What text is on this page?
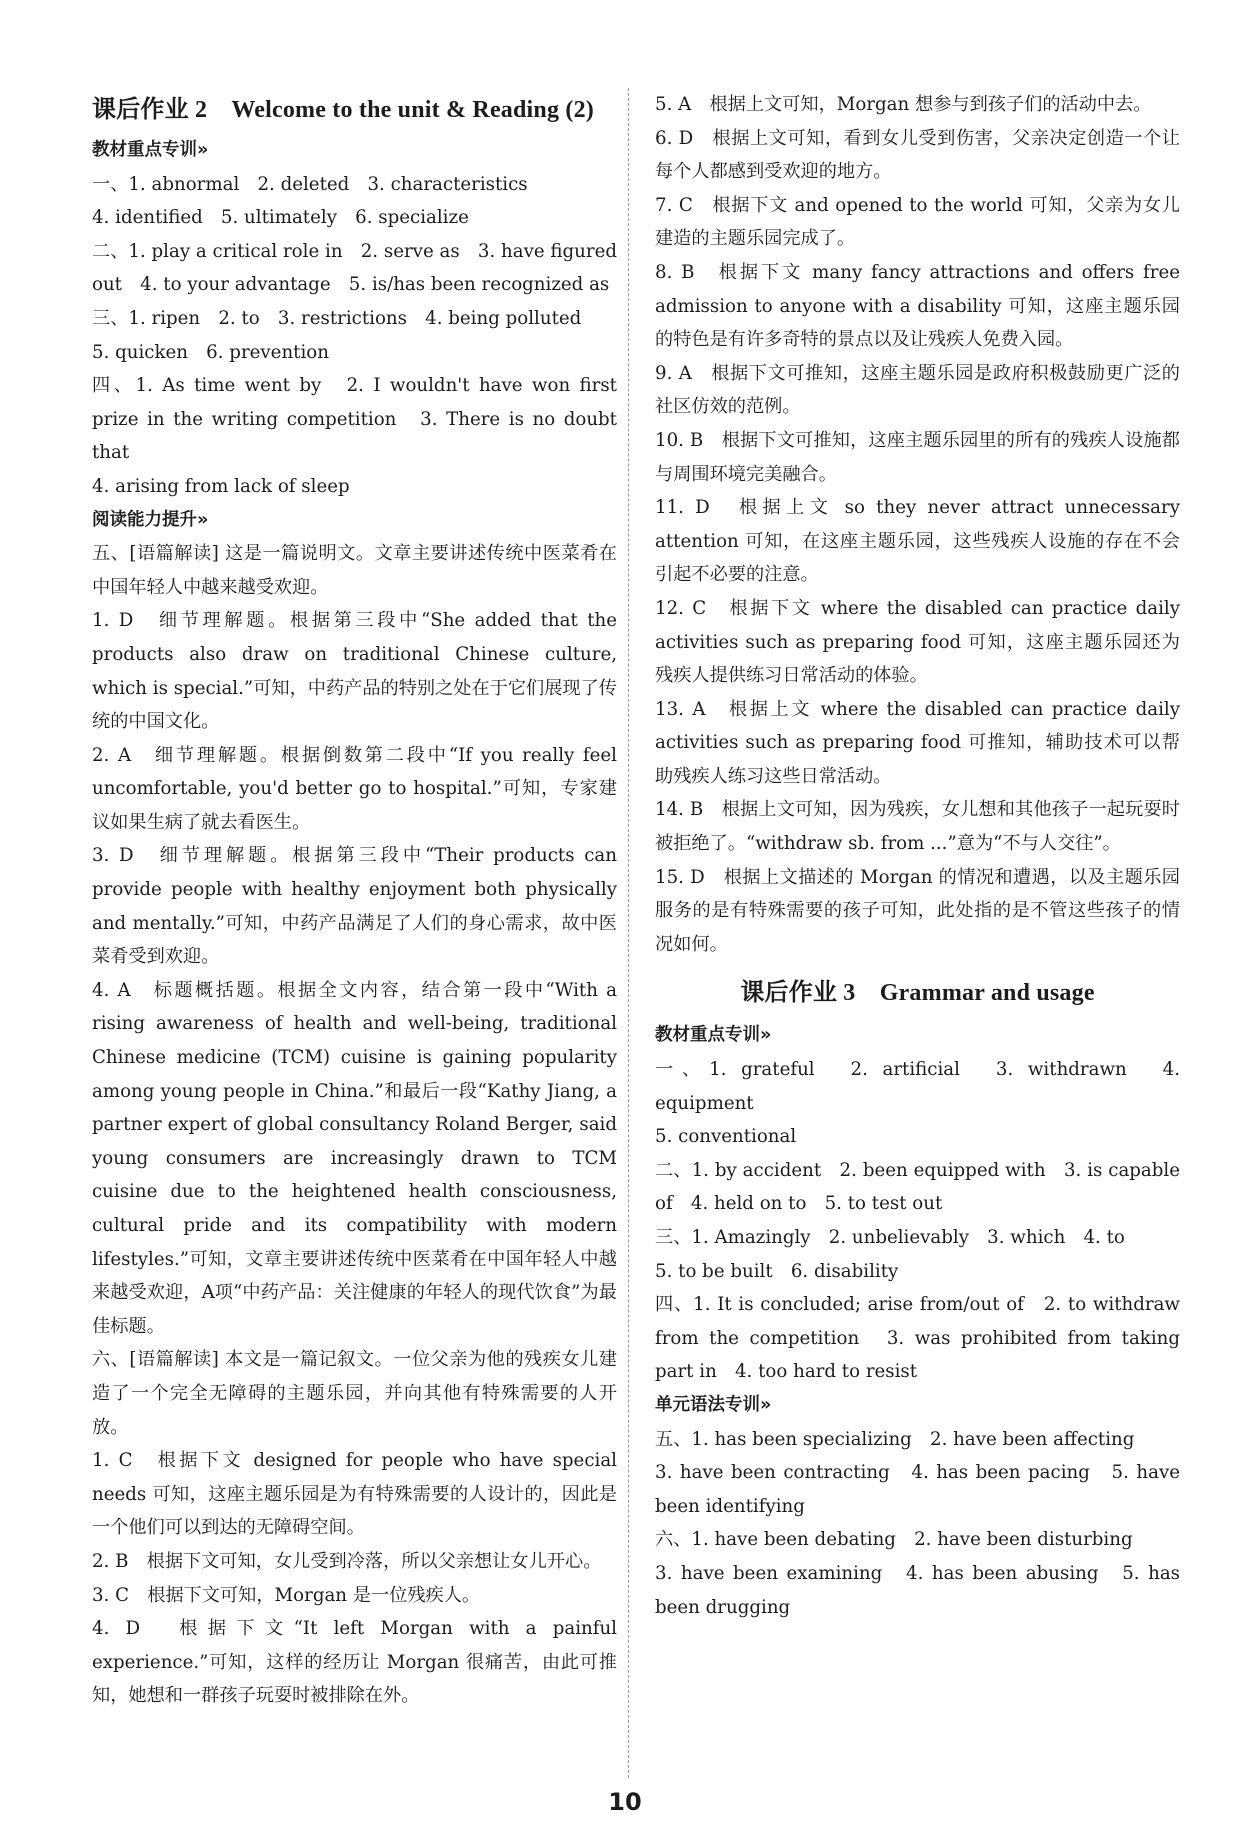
课后作业 2　Welcome to the unit & Reading (2)
教材重点专训»

一、1. abnormal　2. deleted　3. characteristics

4. identified　5. ultimately　6. specialize

二、1. play a critical role in　2. serve as　3. have figured out　4. to your advantage　5. is/has been recognized as

三、1. ripen　2. to　3. restrictions　4. being polluted

5. quicken　6. prevention

四、1. As time went by　2. I wouldn't have won first prize in the writing competition　3. There is no doubt that

4. arising from lack of sleep

阅读能力提升»

五、[语篇解读] 这是一篇说明文。文章主要讲述传统中医菜肴在中国年轻人中越来越受欢迎。

1. D　细节理解题。根据第三段中“She added that the products also draw on traditional Chinese culture, which is special.”可知，中药产品的特别之处在于它们展现了传统的中国文化。

2. A　细节理解题。根据倒数第二段中“If you really feel uncomfortable, you'd better go to hospital.”可知，专家建议如果生病了就去看医生。

3. D　细节理解题。根据第三段中“Their products can provide people with healthy enjoyment both physically and mentally.”可知，中药产品满足了人们的身心需求，故中医菜肴受到欢迎。

4. A　标题概括题。根据全文内容，结合第一段中“With a rising awareness of health and well-being, traditional Chinese medicine (TCM) cuisine is gaining popularity among young people in China.”和最后一段“Kathy Jiang, a partner expert of global consultancy Roland Berger, said young consumers are increasingly drawn to TCM cuisine due to the heightened health consciousness, cultural pride and its compatibility with modern lifestyles.”可知，文章主要讲述传统中医菜肴在中国年轻人中越来越受欢迎，A项“中药产品：关注健康的年轻人的现代饮食”为最佳标题。

六、[语篇解读] 本文是一篇记叙文。一位父亲为他的残疾女儿建造了一个完全无障碍的主题乐园，并向其他有特殊需要的人开放。

1. C　根据下文 designed for people who have special needs 可知，这座主题乐园是为有特殊需要的人设计的，因此是一个他们可以到达的无障碍空间。

2. B　根据下文可知，女儿受到冷落，所以父亲想让女儿开心。

3. C　根据下文可知，Morgan 是一位残疾人。

4. D　根据下文“It left Morgan with a painful experience.”可知，这样的经历让 Morgan 很痛苦，由此可推知，她想和一群孩子玩耍时被排除在外。

5. A　根据上文可知，Morgan 想参与到孩子们的活动中去。

6. D　根据上文可知，看到女儿受到伤害，父亲决定创造一个让每个人都感到受欢迎的地方。

7. C　根据下文 and opened to the world 可知，父亲为女儿建造的主题乐园完成了。

8. B　根据下文 many fancy attractions and offers free admission to anyone with a disability 可知，这座主题乐园的特色是有许多奇特的景点以及让残疾人免费入园。

9. A　根据下文可推知，这座主题乐园是政府积极鼓励更广泛的社区仿效的范例。

10. B　根据下文可推知，这座主题乐园里的所有的残疾人设施都与周围环境完美融合。

11. D　根据上文 so they never attract unnecessary attention 可知，在这座主题乐园，这些残疾人设施的存在不会引起不必要的注意。

12. C　根据下文 where the disabled can practice daily activities such as preparing food 可知，这座主题乐园还为残疾人提供练习日常活动的体验。

13. A　根据上文 where the disabled can practice daily activities such as preparing food 可推知，辅助技术可以帮助残疾人练习这些日常活动。

14. B　根据上文可知，因为残疾，女儿想和其他孩子一起玩耍时被拒绝了。“withdraw sb. from ...”意为“不与人交往”。

15. D　根据上文描述的 Morgan 的情况和遭遇，以及主题乐园服务的是有特殊需要的孩子可知，此处指的是不管这些孩子的情况如何。

课后作业 3　Grammar and usage
教材重点专训»

一、1. grateful　2. artificial　3. withdrawn　4. equipment

5. conventional

二、1. by accident　2. been equipped with　3. is capable of　4. held on to　5. to test out

三、1. Amazingly　2. unbelievably　3. which　4. to

5. to be built　6. disability

四、1. It is concluded; arise from/out of　2. to withdraw from the competition　3. was prohibited from taking part in　4. too hard to resist

单元语法专训»

五、1. has been specializing　2. have been affecting

3. have been contracting　4. has been pacing　5. have been identifying

六、1. have been debating　2. have been disturbing

3. have been examining　4. has been abusing　5. has been drugging

10
